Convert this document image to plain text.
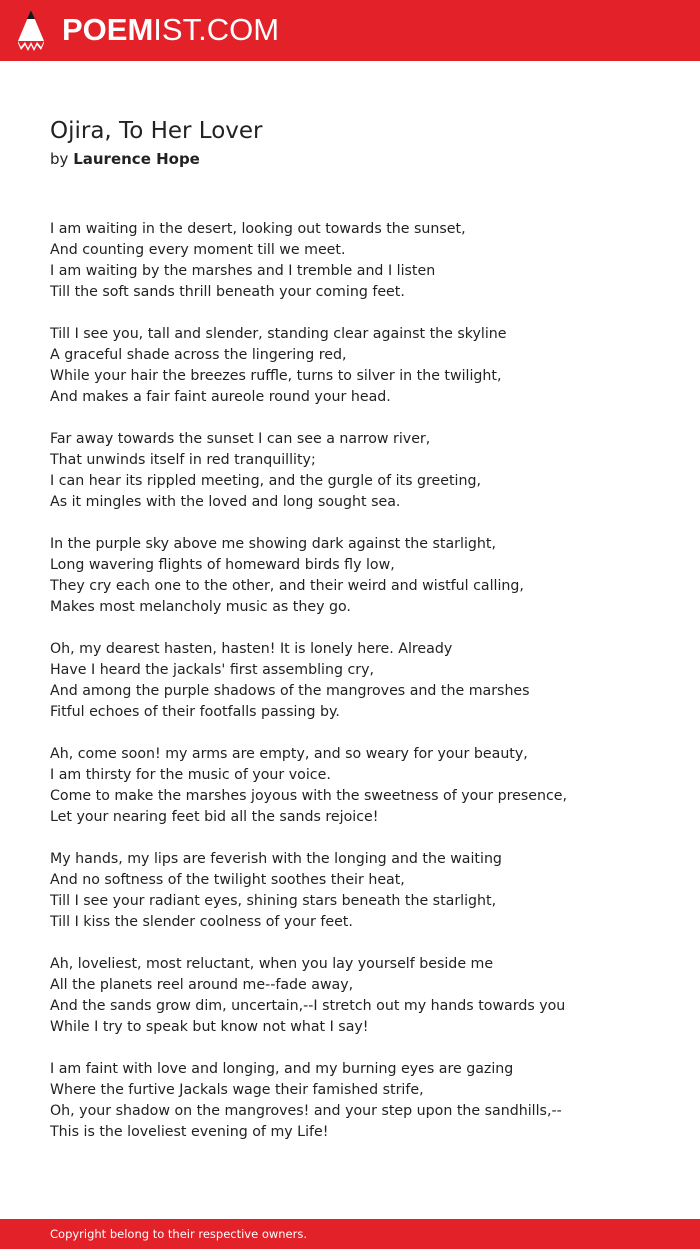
POEMIST.COM
Ojira, To Her Lover
by Laurence Hope
I am waiting in the desert, looking out towards the sunset,
And counting every moment till we meet.
I am waiting by the marshes and I tremble and I listen
Till the soft sands thrill beneath your coming feet.
Till I see you, tall and slender, standing clear against the skyline
A graceful shade across the lingering red,
While your hair the breezes ruffle, turns to silver in the twilight,
And makes a fair faint aureole round your head.
Far away towards the sunset I can see a narrow river,
That unwinds itself in red tranquillity;
I can hear its rippled meeting, and the gurgle of its greeting,
As it mingles with the loved and long sought sea.
In the purple sky above me showing dark against the starlight,
Long wavering flights of homeward birds fly low,
They cry each one to the other, and their weird and wistful calling,
Makes most melancholy music as they go.
Oh, my dearest hasten, hasten! It is lonely here. Already
Have I heard the jackals' first assembling cry,
And among the purple shadows of the mangroves and the marshes
Fitful echoes of their footfalls passing by.
Ah, come soon! my arms are empty, and so weary for your beauty,
I am thirsty for the music of your voice.
Come to make the marshes joyous with the sweetness of your presence,
Let your nearing feet bid all the sands rejoice!
My hands, my lips are feverish with the longing and the waiting
And no softness of the twilight soothes their heat,
Till I see your radiant eyes, shining stars beneath the starlight,
Till I kiss the slender coolness of your feet.
Ah, loveliest, most reluctant, when you lay yourself beside me
All the planets reel around me--fade away,
And the sands grow dim, uncertain,--I stretch out my hands towards you
While I try to speak but know not what I say!
I am faint with love and longing, and my burning eyes are gazing
Where the furtive Jackals wage their famished strife,
Oh, your shadow on the mangroves! and your step upon the sandhills,--
This is the loveliest evening of my Life!
Copyright belong to their respective owners.
